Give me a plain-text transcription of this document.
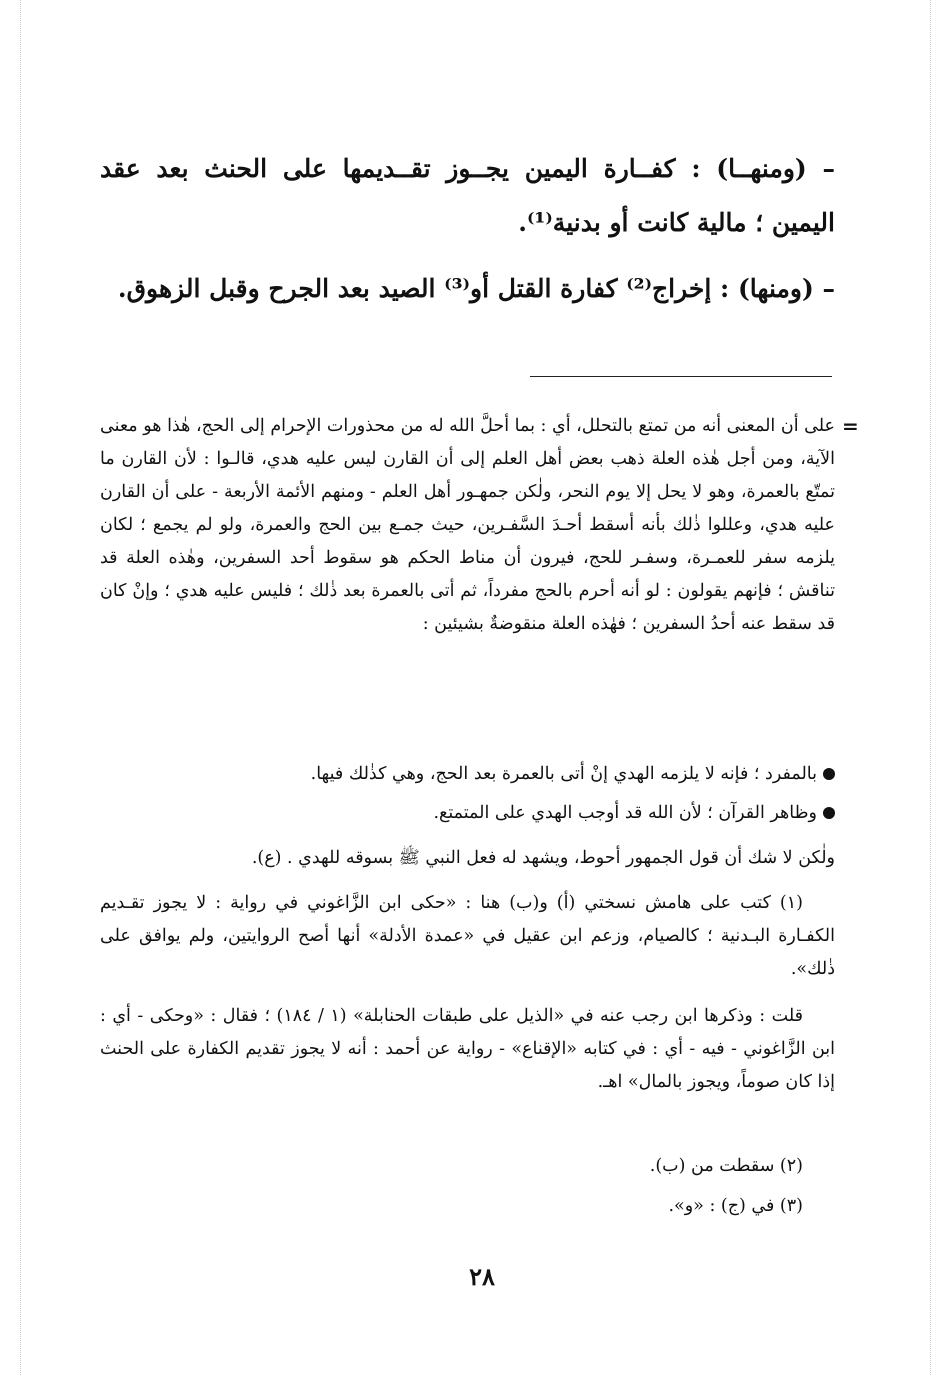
– (ومنهــا) : كفــارة اليمين يجــوز تقــديمها على الحنث بعد عقد اليمين ؛ مالية كانت أو بدنية⁽¹⁾.

– (ومنها) : إخراج⁽²⁾ كفارة القتل أو⁽³⁾ الصيد بعد الجرح وقبل الزهوق.

=

على أن المعنى أنه من تمتع بالتحلل، أي : بما أحلَّ الله له من محذورات الإحرام إلى الحج، هٰذا هو معنى الآية، ومن أجل هٰذه العلة ذهب بعض أهل العلم إلى أن القارن ليس عليه هدي، قالـوا : لأن القارن ما تمتّع بالعمرة، وهو لا يحل إلا يوم النحر، ولٰكن جمهـور أهل العلم - ومنهم الأئمة الأربعة - على أن القارن عليه هدي، وعللوا ذٰلك بأنه أسقط أحـدَ السَّفـرين، حيث جمـع بين الحج والعمرة، ولو لم يجمع ؛ لكان يلزمه سفر للعمـرة، وسفـر للحج، فيرون أن مناط الحكم هو سقوط أحد السفرين، وهٰذه العلة قد تناقش ؛ فإنهم يقولون : لو أنه أحرم بالحج مفرداً، ثم أتى بالعمرة بعد ذٰلك ؛ فليس عليه هدي ؛ وإنْ كان قد سقط عنه أحدُ السفرين ؛ فهٰذه العلة منقوضةٌ بشيئين :

بالمفرد ؛ فإنه لا يلزمه الهدي إنْ أتى بالعمرة بعد الحج، وهي كذٰلك فيها.

وظاهر القرآن ؛ لأن الله قد أوجب الهدي على المتمتع.

ولٰكن لا شك أن قول الجمهور أحوط، ويشهد له فعل النبي ﷺ بسوقه للهدي . (ع).

(١) كتب على هامش نسختي (أ) و(ب) هنا : «حكى ابن الزَّاغوني في رواية : لا يجوز تقـديم الكفـارة البـدنية ؛ كالصيام، وزعم ابن عقيل في «عمدة الأدلة» أنها أصح الروايتين، ولم يوافق على ذٰلك».

قلت : وذكرها ابن رجب عنه في «الذيل على طبقات الحنابلة» (١ / ١٨٤) ؛ فقال : «وحكى - أي : ابن الزَّاغوني - فيه - أي : في كتابه «الإقناع» - رواية عن أحمد : أنه لا يجوز تقديم الكفارة على الحنث إذا كان صوماً، ويجوز بالمال» اهـ.

(٢) سقطت من (ب).

(٣) في (ج) : «و».

٢٨
